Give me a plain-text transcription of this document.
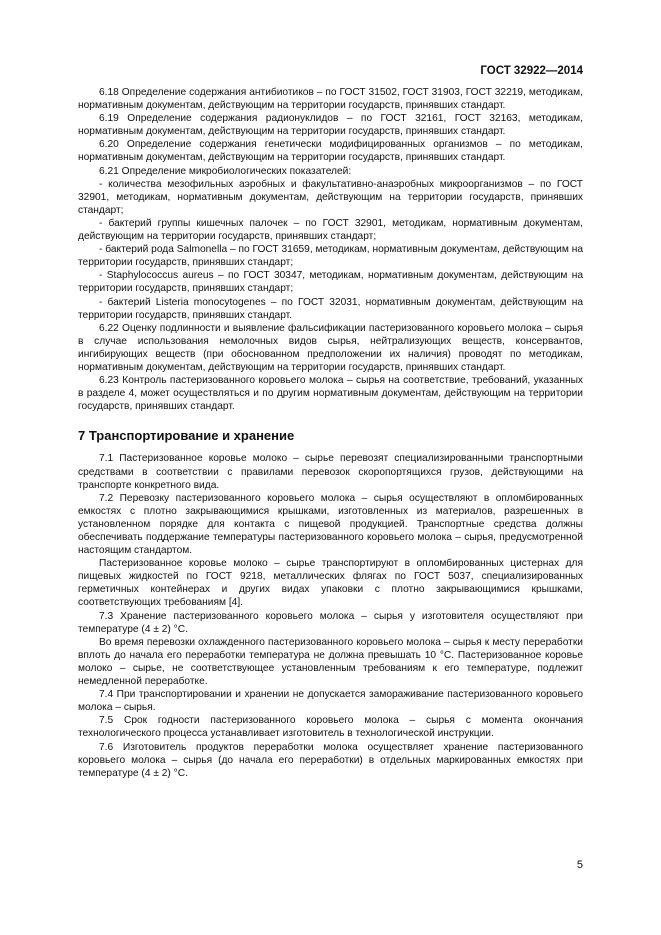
ГОСТ 32922—2014

6.18 Определение содержания антибиотиков – по ГОСТ 31502, ГОСТ 31903, ГОСТ 32219, методикам, нормативным документам, действующим на территории государств, принявших стандарт.

6.19 Определение содержания радионуклидов – по ГОСТ 32161, ГОСТ 32163, методикам, нормативным документам, действующим на территории государств, принявших стандарт.

6.20 Определение содержания генетически модифицированных организмов – по методикам, нормативным документам, действующим на территории государств, принявших стандарт.

6.21 Определение микробиологических показателей:

- количества мезофильных аэробных и факультативно-анаэробных микроорганизмов – по ГОСТ 32901, методикам, нормативным документам, действующим на территории государств, принявших стандарт;

- бактерий группы кишечных палочек – по ГОСТ 32901, методикам, нормативным документам, действующим на территории государств, принявших стандарт;

- бактерий рода Salmonella – по ГОСТ 31659, методикам, нормативным документам, действующим на территории государств, принявших стандарт;

- Staphylococcus aureus – по ГОСТ 30347, методикам, нормативным документам, действующим на территории государств, принявших стандарт;

- бактерий Listeria monocytogenes – по ГОСТ 32031, нормативным документам, действующим на территории государств, принявших стандарт.

6.22 Оценку подлинности и выявление фальсификации пастеризованного коровьего молока – сырья в случае использования немолочных видов сырья, нейтрализующих веществ, консервантов, ингибирующих веществ (при обоснованном предположении их наличия) проводят по методикам, нормативным документам, действующим на территории государств, принявших стандарт.

6.23 Контроль пастеризованного коровьего молока – сырья на соответствие, требований, указанных в разделе 4, может осуществляться и по другим нормативным документам, действующим на территории государств, принявших стандарт.

7 Транспортирование и хранение

7.1 Пастеризованное коровье молоко – сырье перевозят специализированными транспортными средствами в соответствии с правилами перевозок скоропортящихся грузов, действующими на транспорте конкретного вида.

7.2 Перевозку пастеризованного коровьего молока – сырья осуществляют в опломбированных емкостях с плотно закрывающимися крышками, изготовленных из материалов, разрешенных в установленном порядке для контакта с пищевой продукцией. Транспортные средства должны обеспечивать поддержание температуры пастеризованного коровьего молока – сырья, предусмотренной настоящим стандартом.

Пастеризованное коровье молоко – сырье транспортируют в опломбированных цистернах для пищевых жидкостей по ГОСТ 9218, металлических флягах по ГОСТ 5037, специализированных герметичных контейнерах и других видах упаковки с плотно закрывающимися крышками, соответствующих требованиям [4].

7.3 Хранение пастеризованного коровьего молока – сырья у изготовителя осуществляют при температуре (4 ± 2) °С.

Во время перевозки охлажденного пастеризованного коровьего молока – сырья к месту переработки вплоть до начала его переработки температура не должна превышать 10 °С. Пастеризованное коровье молоко – сырье, не соответствующее установленным требованиям к его температуре, подлежит немедленной переработке.

7.4 При транспортировании и хранении не допускается замораживание пастеризованного коровьего молока – сырья.

7.5 Срок годности пастеризованного коровьего молока – сырья с момента окончания технологического процесса устанавливает изготовитель в технологической инструкции.

7.6 Изготовитель продуктов переработки молока осуществляет хранение пастеризованного коровьего молока – сырья (до начала его переработки) в отдельных маркированных емкостях при температуре (4 ± 2) °С.

5
